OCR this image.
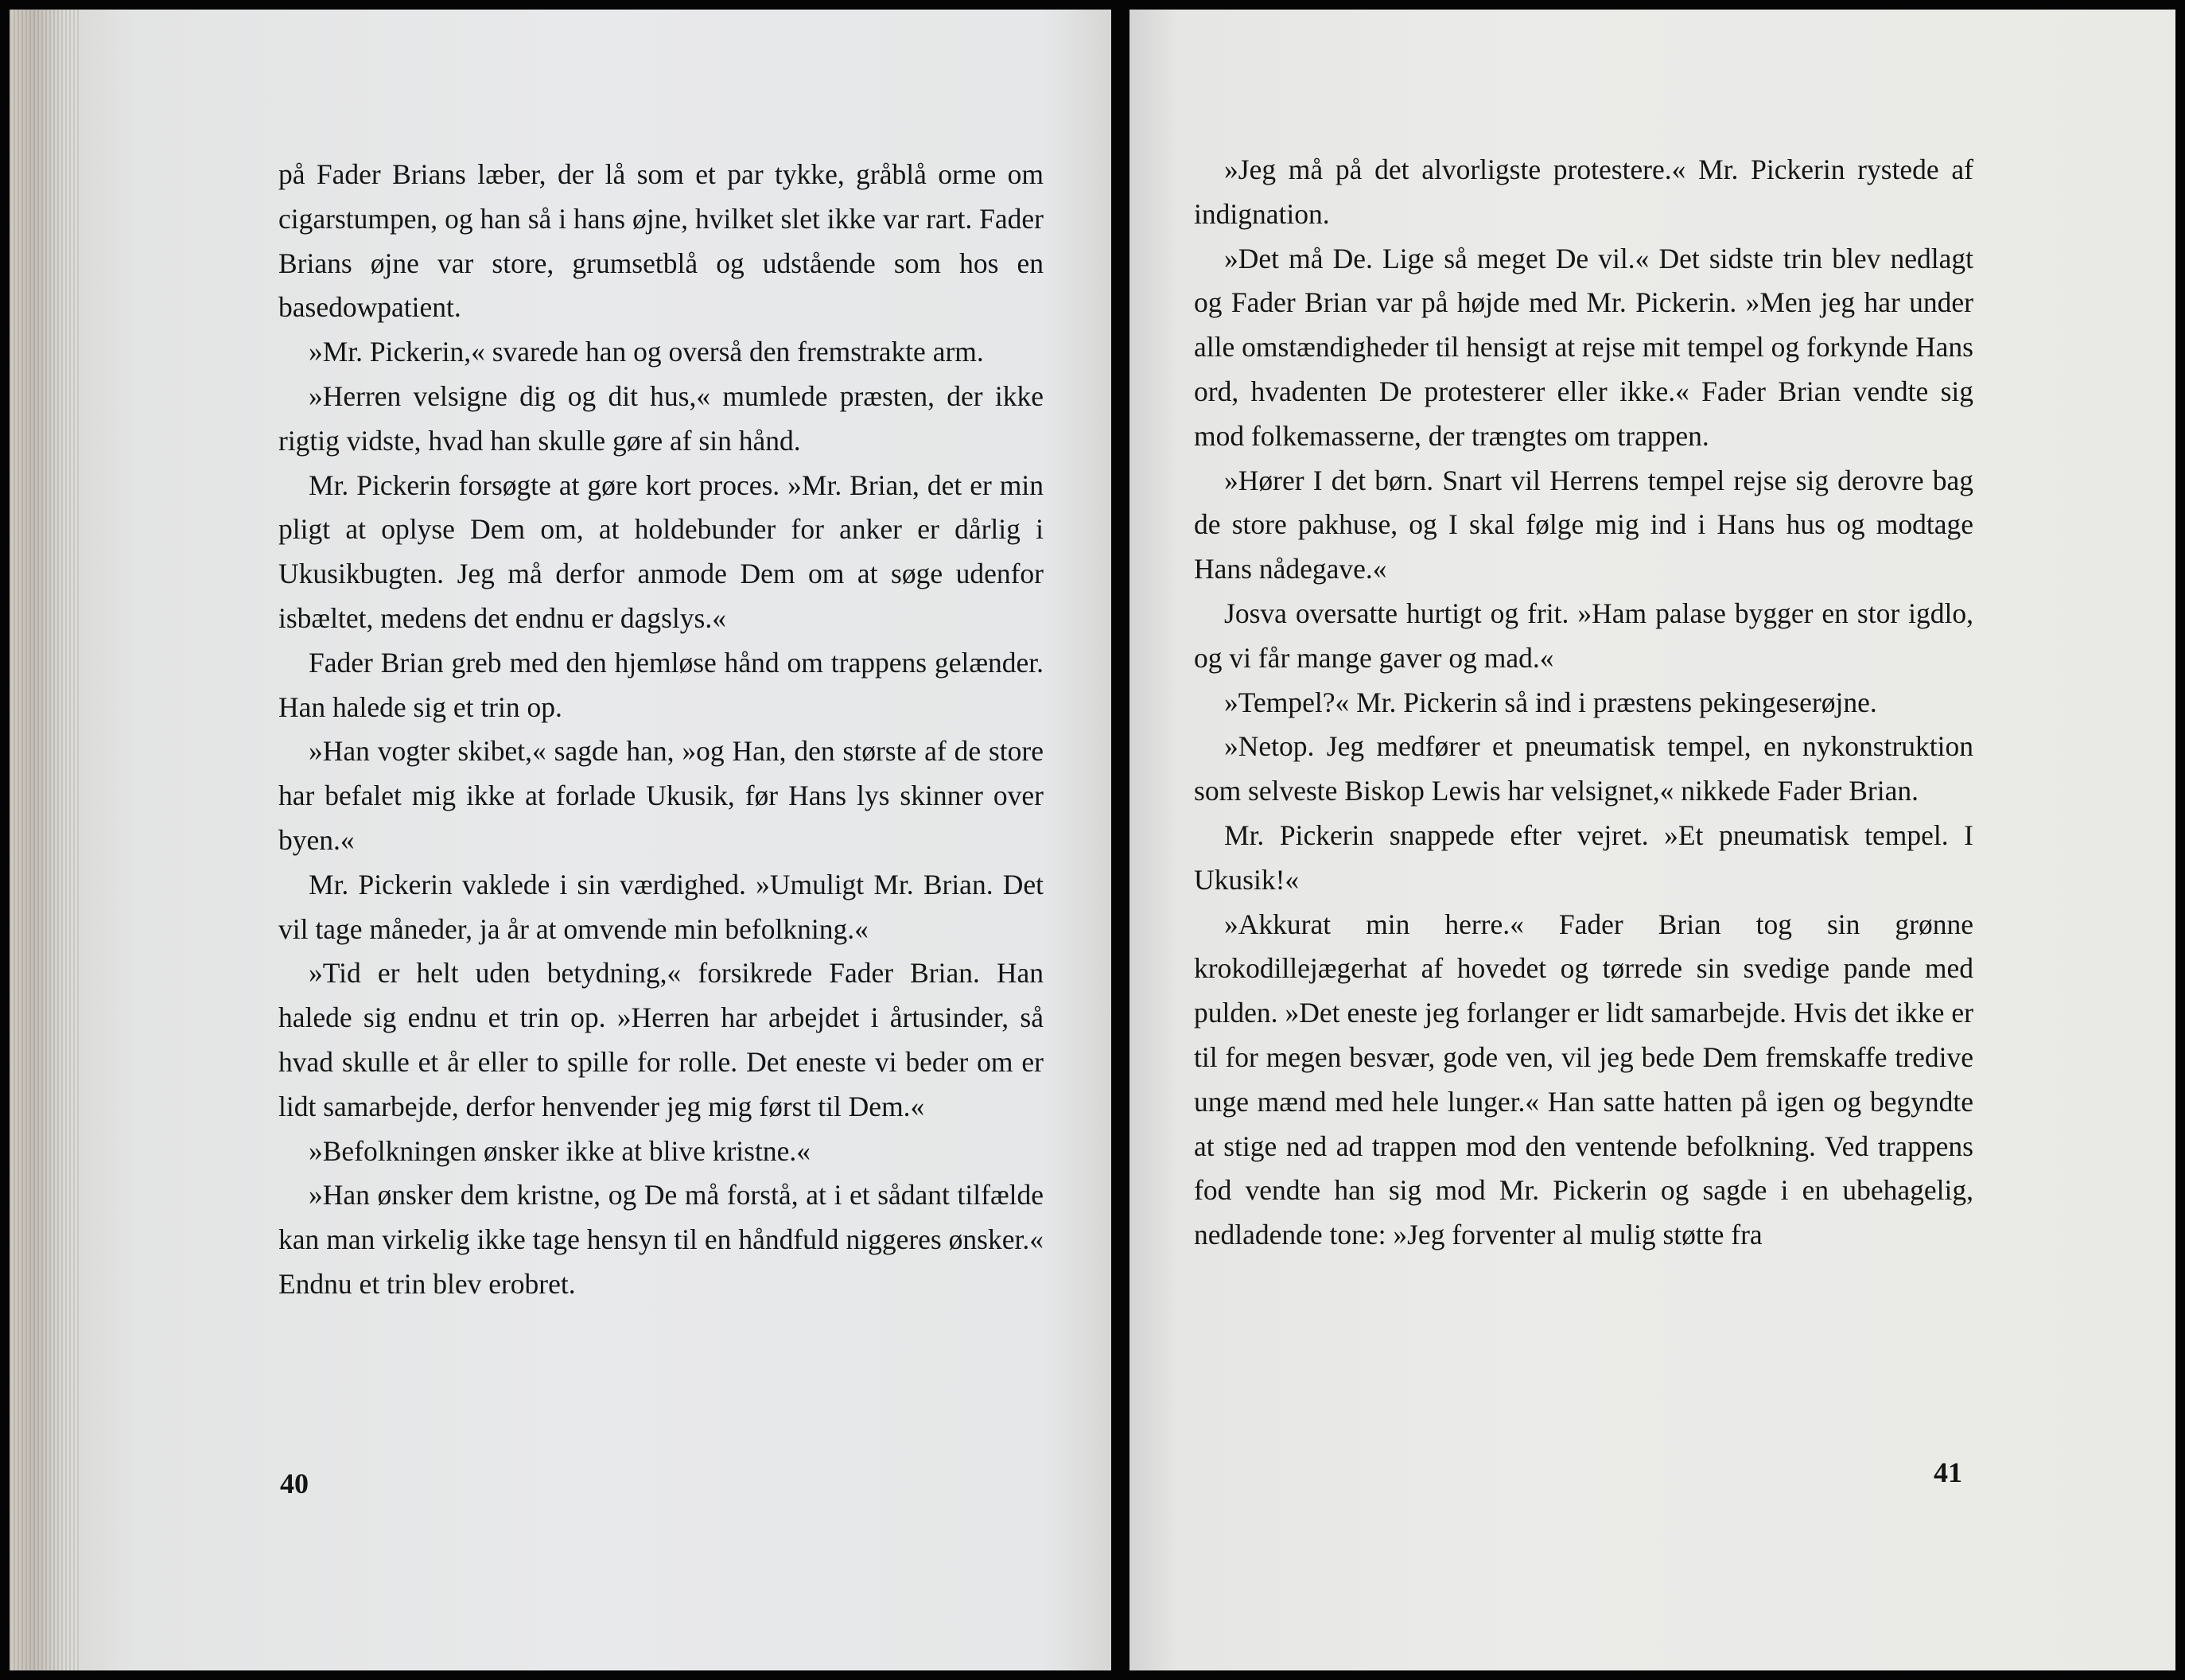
på Fader Brians læber, der lå som et par tykke, gråblå orme om cigarstumpen, og han så i hans øjne, hvilket slet ikke var rart. Fader Brians øjne var store, grumsetblå og udstående som hos en basedowpatient.

»Mr. Pickerin,« svarede han og overså den fremstrakte arm.

»Herren velsigne dig og dit hus,« mumlede præsten, der ikke rigtig vidste, hvad han skulle gøre af sin hånd.

Mr. Pickerin forsøgte at gøre kort proces. »Mr. Brian, det er min pligt at oplyse Dem om, at holdebunder for anker er dårlig i Ukusikbugten. Jeg må derfor anmode Dem om at søge udenfor isbæltet, medens det endnu er dagslys.«

Fader Brian greb med den hjemløse hånd om trappens gelænder. Han halede sig et trin op.

»Han vogter skibet,« sagde han, »og Han, den største af de store har befalet mig ikke at forlade Ukusik, før Hans lys skinner over byen.«

Mr. Pickerin vaklede i sin værdighed. »Umuligt Mr. Brian. Det vil tage måneder, ja år at omvende min befolkning.«

»Tid er helt uden betydning,« forsikrede Fader Brian. Han halede sig endnu et trin op. »Herren har arbejdet i årtusinder, så hvad skulle et år eller to spille for rolle. Det eneste vi beder om er lidt samarbejde, derfor henvender jeg mig først til Dem.«

»Befolkningen ønsker ikke at blive kristne.«

»Han ønsker dem kristne, og De må forstå, at i et sådant tilfælde kan man virkelig ikke tage hensyn til en håndfuld niggeres ønsker.« Endnu et trin blev erobret.

40

»Jeg må på det alvorligste protestere.« Mr. Pickerin rystede af indignation.

»Det må De. Lige så meget De vil.« Det sidste trin blev nedlagt og Fader Brian var på højde med Mr. Pickerin. »Men jeg har under alle omstændigheder til hensigt at rejse mit tempel og forkynde Hans ord, hvadenten De protesterer eller ikke.« Fader Brian vendte sig mod folkemasserne, der trængtes om trappen.

»Hører I det børn. Snart vil Herrens tempel rejse sig derovre bag de store pakhuse, og I skal følge mig ind i Hans hus og modtage Hans nådegave.«

Josva oversatte hurtigt og frit. »Ham palase bygger en stor igdlo, og vi får mange gaver og mad.«

»Tempel?« Mr. Pickerin så ind i præstens pekingeserøjne.

»Netop. Jeg medfører et pneumatisk tempel, en nykonstruktion som selveste Biskop Lewis har velsignet,« nikkede Fader Brian.

Mr. Pickerin snappede efter vejret. »Et pneumatisk tempel. I Ukusik!«

»Akkurat min herre.« Fader Brian tog sin grønne krokodillejægerhat af hovedet og tørrede sin svedige pande med pulden. »Det eneste jeg forlanger er lidt samarbejde. Hvis det ikke er til for megen besvær, gode ven, vil jeg bede Dem fremskaffe tredive unge mænd med hele lunger.« Han satte hatten på igen og begyndte at stige ned ad trappen mod den ventende befolkning. Ved trappens fod vendte han sig mod Mr. Pickerin og sagde i en ubehagelig, nedladende tone: »Jeg forventer al mulig støtte fra

41
